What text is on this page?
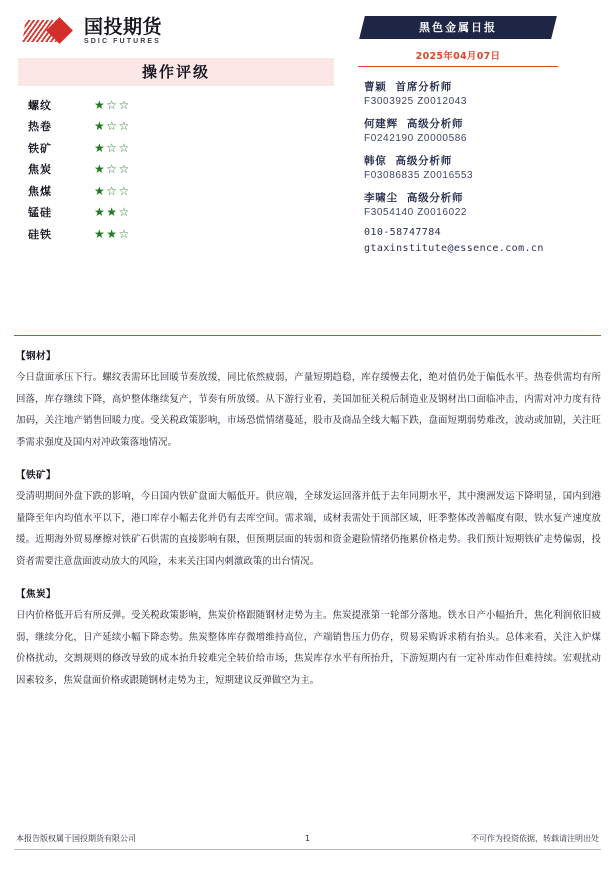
国投期货
SDIC FUTURES
操作评级
螺纹	★☆☆
热卷	★☆☆
铁矿	★☆☆
焦炭	★☆☆
焦煤	★☆☆
锰硅	★★☆
硅铁	★★☆
黑色金属日报
2025年04月07日
曹颖 首席分析师
F3003925 Z0012043
何建辉 高级分析师
F0242190 Z0000586
韩倞 高级分析师
F03086835 Z0016553
李啸尘 高级分析师
F3054140 Z0016022
010-58747784
gtaxinstitute@essence.com.cn
【钢材】
今日盘面承压下行。螺纹表需环比回暖节奏放缓，同比依然疲弱，产量短期趋稳，库存缓慢去化，绝对值仍处于偏低水平。热卷供需均有所回落，库存继续下降，高炉整体继续复产，节奏有所放缓。从下游行业看，美国加征关税后制造业及钢材出口面临冲击，内需对冲力度有待加码，关注地产销售回暖力度。受关税政策影响，市场恐慌情绪蔓延，股市及商品全线大幅下跌，盘面短期弱势难改，波动或加剧，关注旺季需求强度及国内对冲政策落地情况。
【铁矿】
受清明期间外盘下跌的影响，今日国内铁矿盘面大幅低开。供应端，全球发运回落并低于去年同期水平，其中澳洲发运下降明显，国内到港量降至年内均值水平以下，港口库存小幅去化并仍有去库空间。需求端，成材表需处于顶部区域，旺季整体改善幅度有限，铁水复产速度放缓。近期海外贸易摩擦对铁矿石供需的直接影响有限，但预期层面的转弱和资金避险情绪仍拖累价格走势。我们预计短期铁矿走势偏弱，投资者需要注意盘面波动放大的风险，未来关注国内刺激政策的出台情况。
【焦炭】
日内价格低开后有所反弹。受关税政策影响，焦炭价格跟随钢材走势为主。焦炭提涨第一轮部分落地。铁水日产小幅抬升，焦化利润依旧疲弱，继续分化，日产延续小幅下降态势。焦炭整体库存微增维持高位，产端销售压力仍存，贸易采购诉求稍有抬头。总体来看，关注入炉煤价格扰动，交割规则的修改导致的成本抬升较难完全转价给市场，焦炭库存水平有所抬升，下游短期内有一定补库动作但难持续。宏观扰动因素较多，焦炭盘面价格或跟随钢材走势为主，短期建议反弹做空为主。
本报告版权属于国投期货有限公司	1	不可作为投资依据，转载请注明出处
